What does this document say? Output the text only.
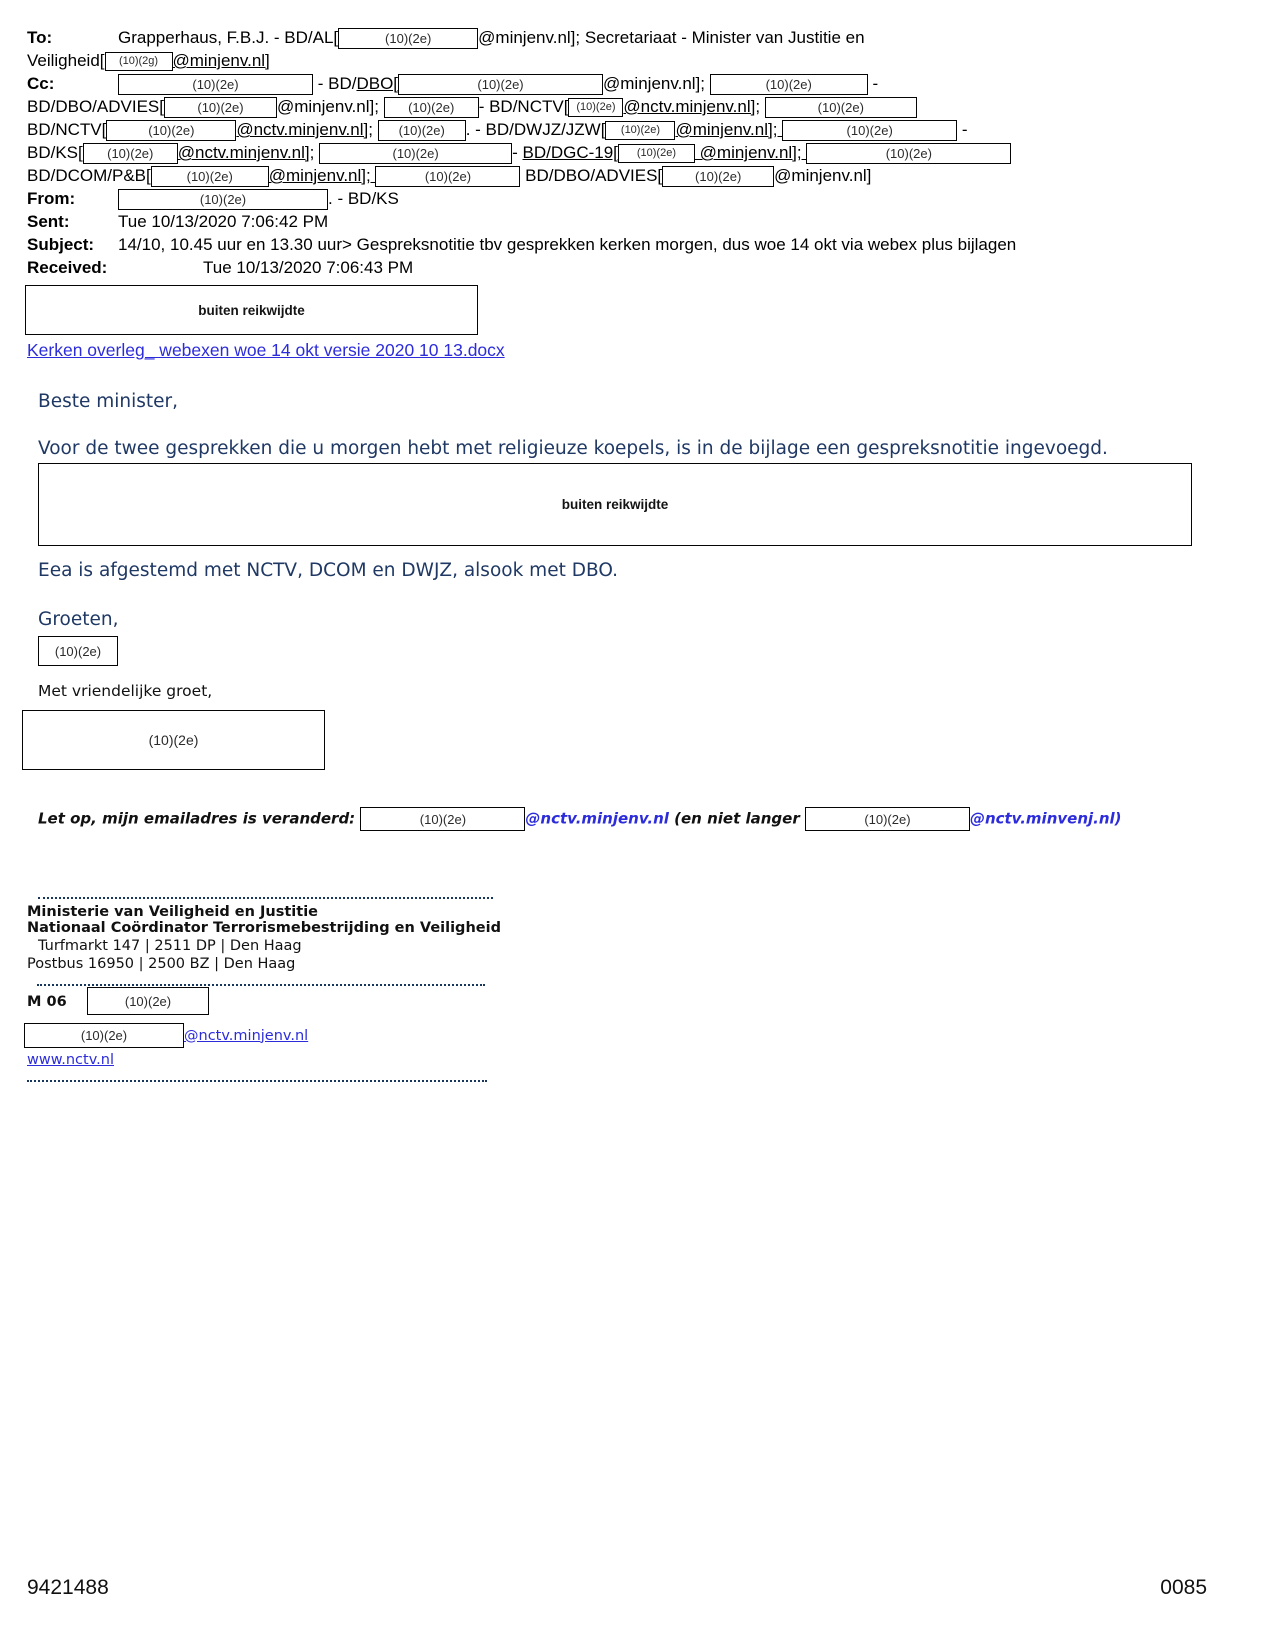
To:	Grapperhaus, F.B.J. - BD/AL[	(10)(2e)	@minjenv.nl]; Secretariaat - Minister van Justitie en
Veiligheid[ (10)(2g) @minjenv.nl]
Cc:	(10)(2e)	- BD/DBO[	(10)(2e)	@minjenv.nl];	(10)(2e)	-
BD/DBO/ADVIES[	(10)(2e) @minjenv.nl]; (10)(2e) - BD/NCTV[ (10)(2e) @nctv.minjenv.nl];	(10)(2e)
BD/NCTV[	(10)(2e) @nctv.minjenv.nl]; (10)(2e) . - BD/DWJZ/JZW[ (10)(2e) @minjenv.nl];	(10)(2e)	-
BD/KS[ (10)(2e) @nctv.minjenv.nl];	(10)(2e)	- BD/DGC-19[ (10)(2e) @minjenv.nl];	(10)(2e)
BD/DCOM/P&B[	(10)(2e) @minjenv.nl];	(10)(2e)	BD/DBO/ADVIES[	(10)(2e) @minjenv.nl]
From:	(10)(2e)	. - BD/KS
Sent:	Tue 10/13/2020 7:06:42 PM
Subject: 14/10, 10.45 uur en 13.30 uur> Gespreksnotitie tbv gesprekken kerken morgen, dus woe 14 okt via webex plus bijlagen
Received:	Tue 10/13/2020 7:06:43 PM
buiten reikwijdte
Kerken overleg_ webexen woe 14 okt versie 2020 10 13.docx
Beste minister,
Voor de twee gesprekken die u morgen hebt met religieuze koepels, is in de bijlage een gespreksnotitie ingevoegd.
buiten reikwijdte
Eea is afgestemd met NCTV, DCOM en DWJZ, alsook met DBO.
Groeten,
(10)(2e)
Met vriendelijke groet,
(10)(2e)
Let op, mijn emailadres is veranderd:	(10)(2e)	@nctv.minjenv.nl (en niet langer	(10)(2e)	@nctv.minvenj.nl)
Ministerie van Veiligheid en Justitie
Nationaal Coördinator Terrorismebestrijding en Veiligheid
Turfmarkt 147 | 2511 DP | Den Haag
Postbus 16950 | 2500 BZ | Den Haag
M 06	(10)(2e)
(10)(2e)	@nctv.minjenv.nl
www.nctv.nl
9421488	0085
